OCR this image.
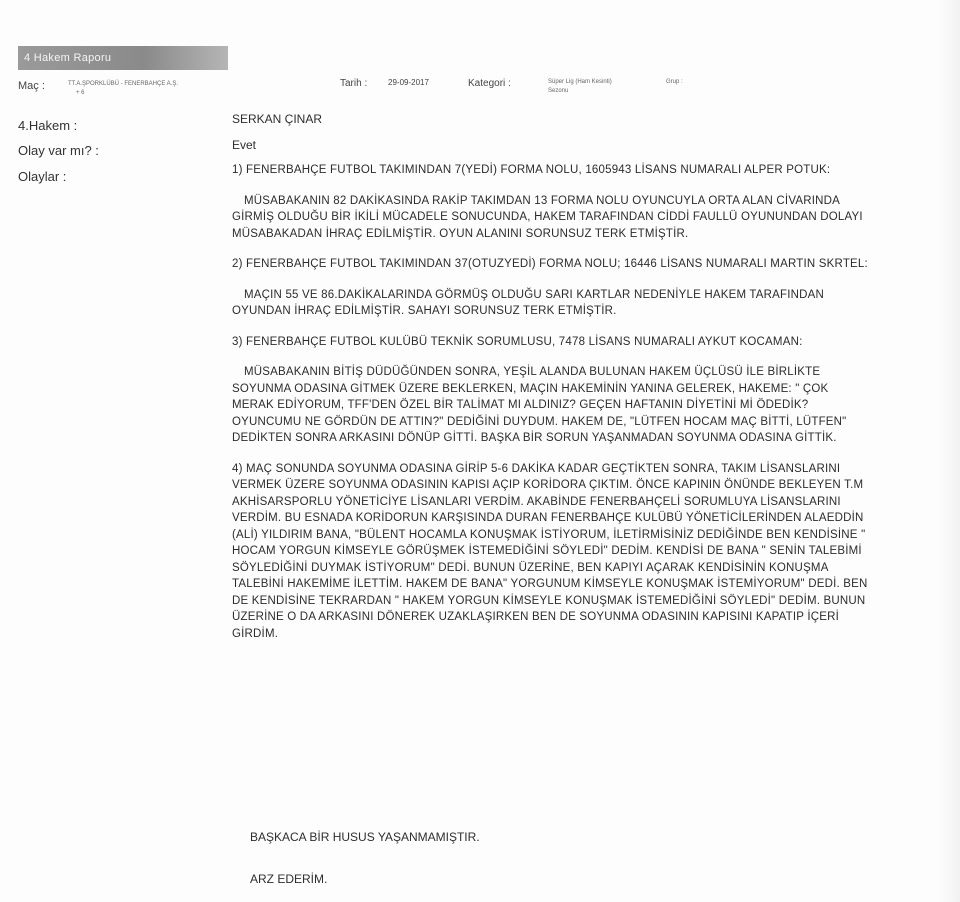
4 Hakem Raporu
Maç :	TT.A.ŞPORKLÜBÜ - FENERBAHÇE A.Ş.
+ 6
Tarih :	29-09-2017	Kategori :	Süper Lig (Ham Kesinti)
Sezonu
Grup :
4.Hakem :	SERKAN ÇINAR
Olay var mı? :	Evet
Olaylar :	1) FENERBAHÇE FUTBOL TAKIMINDAN 7(YEDİ) FORMA NOLU, 1605943 LİSANS NUMARALI ALPER POTUK:

MÜSABAKANIN 82 DAKİKASINDA RAKİP TAKIMDAN 13 FORMA NOLU OYUNCUYLA ORTA ALAN CİVARINDA GİRMİŞ OLDUĞU BİR İKİLİ MÜCADELE SONUCUNDA, HAKEM TARAFINDAN CİDDİ FAULLÜ OYUNUNDAN DOLAYI MÜSABAKADAN İHRAÇ EDİLMİŞTİR. OYUN ALANINI SORUNSUZ TERK ETMİŞTİR.

2) FENERBAHÇE FUTBOL TAKIMINDAN 37(OTUZYEDİ) FORMA NOLU; 16446 LİSANS NUMARALI MARTIN SKRTEL:

MAÇIN 55 VE 86.DAKİKALARINDA GÖRMÜŞ OLDUĞU SARI KARTLAR NEDENİYLE HAKEM TARAFINDAN OYUNDAN İHRAÇ EDİLMİŞTİR. SAHAYI SORUNSUZ TERK ETMİŞTİR.

3) FENERBAHÇE FUTBOL KULÜBÜ TEKNİK SORUMLUSU, 7478 LİSANS NUMARALI AYKUT KOCAMAN:

MÜSABAKANIN BİTİŞ DÜDÜĞÜNDEN SONRA, YEŞİL ALANDA BULUNAN HAKEM ÜÇLÜSÜ İLE BİRLİKTE SOYUNMA ODASINA GİTMEK ÜZERE BEKLERKEN, MAÇIN HAKEMİNİN YANINA GELEREK, HAKEME: " ÇOK MERAK EDİYORUM, TFF'DEN ÖZEL BİR TALİMAT MI ALDINIZ? GEÇEN HAFTANIN DİYETİNİ Mİ ÖDEDİK? OYUNCUMU NE GÖRDÜN DE ATTIN?" DEDİĞİNİ DUYDUM. HAKEM DE, "LÜTFEN HOCAM MAÇ BİTTİ, LÜTFEN" DEDİKTEN SONRA ARKASINI DÖNÜP GİTTİ. BAŞKA BİR SORUN YAŞANMADAN SOYUNMA ODASINA GİTTİK.

4) MAÇ SONUNDA SOYUNMA ODASINA GİRİP 5-6 DAKİKA KADAR GEÇTİKTEN SONRA, TAKIM LİSANSLARINI VERMEK ÜZERE SOYUNMA ODASININ KAPISI AÇIP KORİDORA ÇIKTIM. ÖNCE KAPININ ÖNÜNDE BEKLEYEN T.M AKHİSARSPORLU YÖNETİCİYE LİSANLARI VERDİM. AKABİNDE FENERBAHÇELİ SORUMLUYA LİSANSLARINI VERDİM. BU ESNADA KORİDORUN KARŞISINDA DURAN FENERBAHÇE KULÜBÜ YÖNETİCİLERİNDEN ALAEDDİN (ALİ) YILDIRIM BANA, "BÜLENT HOCAMLA KONUŞMAK İSTİYORUM, İLETİRMİSİNİZ DEDİĞİNDE BEN KENDİSİNE " HOCAM YORGUN KİMSEYLE GÖRÜŞMEK İSTEMEDİĞİNİ SÖYLEDİ" DEDİM. KENDİSİ DE BANA " SENİN TALEBİMİ SÖYLEDİĞİNİ DUYMAK İSTİYORUM" DEDİ. BUNUN ÜZERİNE, BEN KAPIYI AÇARAK KENDİSİNİN KONUŞMA TALEBİNİ HAKEMİME İLETTİM. HAKEM DE BANA" YORGUNUM KİMSEYLE KONUŞMAK İSTEMİYORUM" DEDİ. BEN DE KENDİSİNE TEKRARDAN " HAKEM YORGUN KİMSEYLE KONUŞMAK İSTEMEDİĞİNİ SÖYLEDİ" DEDİM. BUNUN ÜZERİNE O DA ARKASINI DÖNEREK UZAKLAŞIRKEN BEN DE SOYUNMA ODASININ KAPISINI KAPATIP İÇERİ GİRDİM.

BAŞKACA BİR HUSUS YAŞANMAMIŞTIR.
ARZ EDERİM.
